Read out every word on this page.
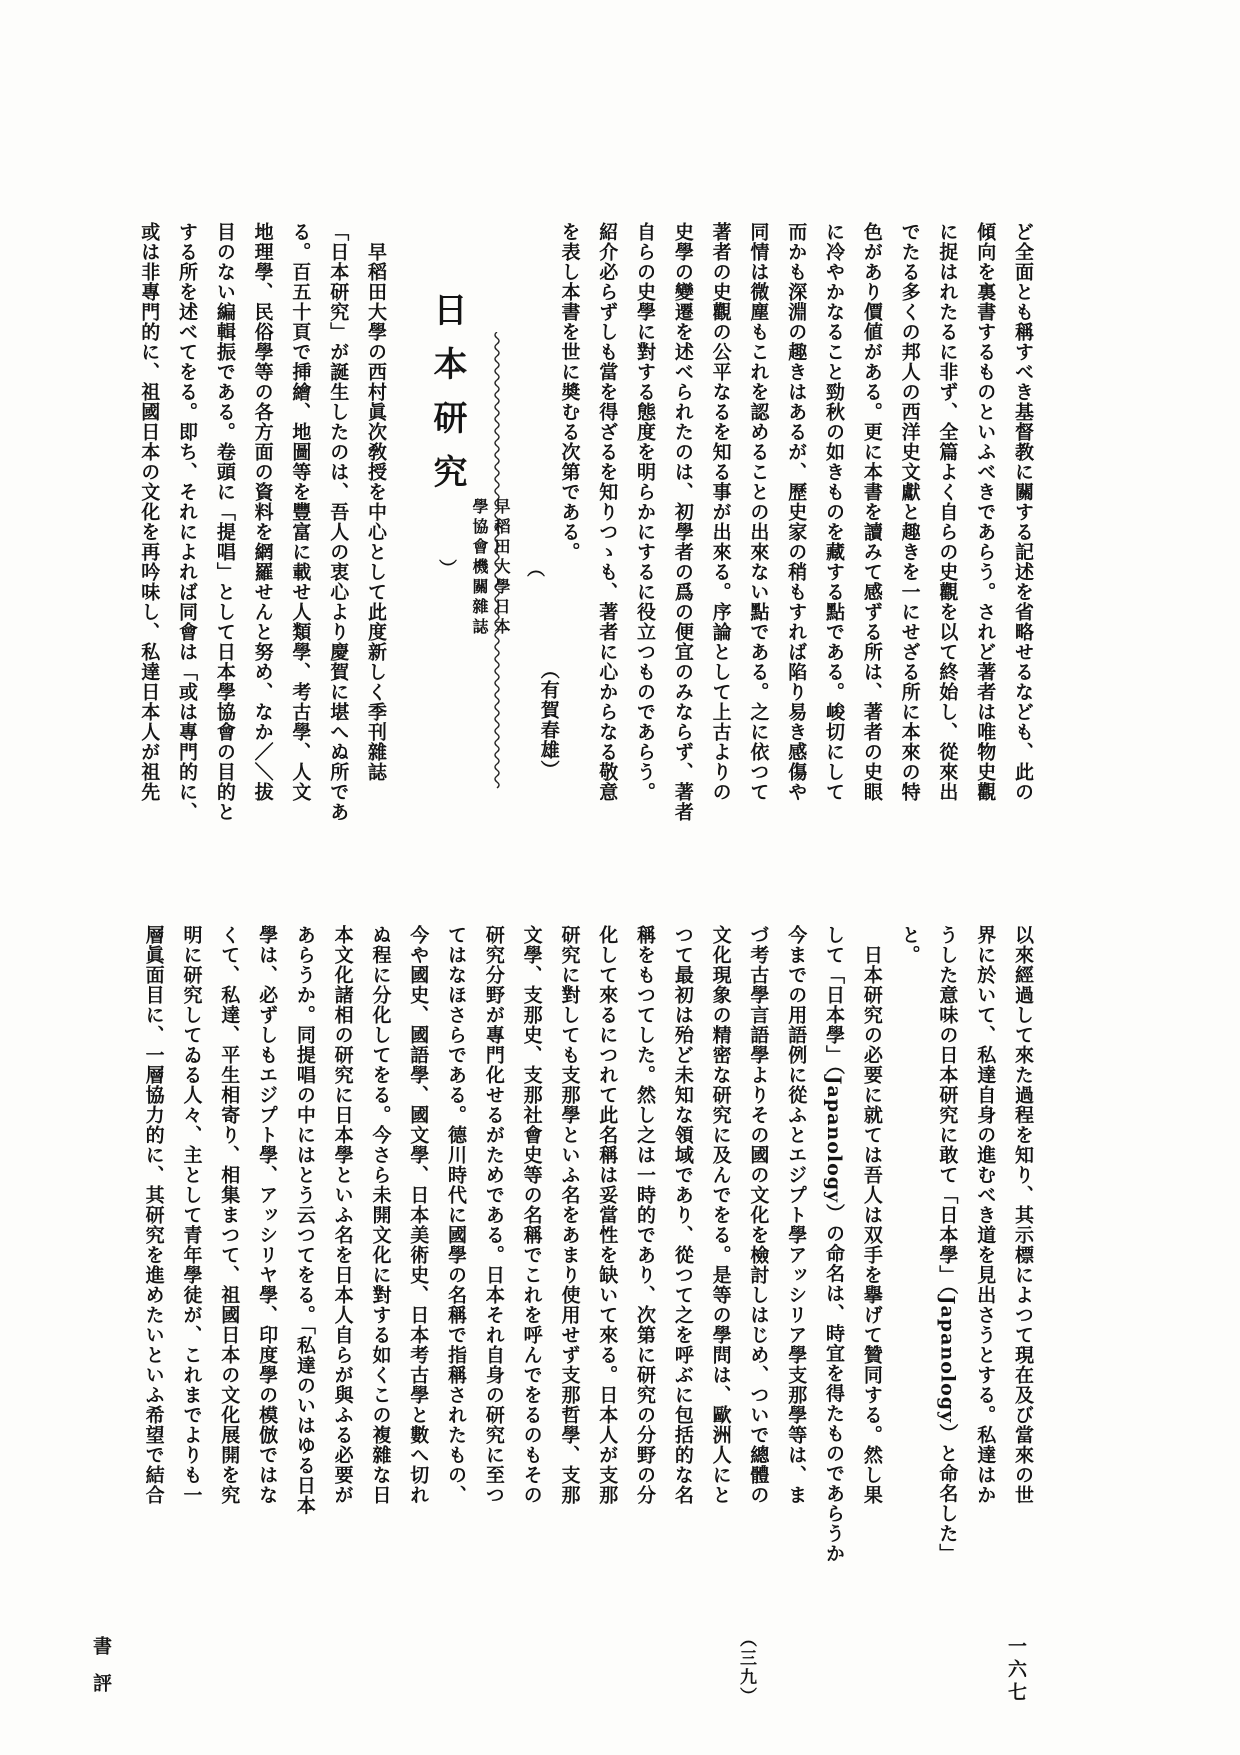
ど全面とも稱すべき基督教に關する記述を省略せるなども、此の
傾向を裏書するものといふべきであらう。されど著者は唯物史觀
に捉はれたるに非ず、全篇よく自らの史觀を以て終始し、從來出
でたる多くの邦人の西洋史文獻と趣きを一にせざる所に本來の特
色があり價値がある。更に本書を讀みて感ずる所は、著者の史眼
に冷やかなること勁秋の如きものを藏する點である。峻切にして
而かも深淵の趣きはあるが、歷史家の稍もすれば陷り易き感傷や
同情は微塵もこれを認めることの出來ない點である。之に依つて
著者の史觀の公平なるを知る事が出來る。序論として上古よりの
史學の變遷を述べられたのは、初學者の爲の便宜のみならず、著者
自らの史學に對する態度を明らかにするに役立つものであらう。
紹介必らずしも當を得ざるを知りつゝも、著者に心からなる敬意
を表し本書を世に奬むる次第である。
（有賀春雄）
日本研究
︵
早稻田大學日本
學協會機關雜誌
︶
　早稻田大學の西村眞次敎授を中心として此度新しく季刊雜誌
「日本研究」が誕生したのは、吾人の衷心より慶賀に堪へぬ所であ
る。百五十頁で挿繪、地圖等を豐富に載せ人類學、考古學、人文
地理學、民俗學等の各方面の資料を網羅せんと努め、なか／＼拔
目のない編輯振である。卷頭に「提唱」として日本學協會の目的と
する所を述べてをる。即ち、それによれば同會は「或は專門的に、
或は非專門的に、祖國日本の文化を再吟味し、私達日本人が祖先
以來經過して來た過程を知り、其示標によつて現在及び當來の世
界に於いて、私達自身の進むべき道を見出さうとする。私達はか
うした意味の日本研究に敢て「日本學」（Japanology）と命名した」
と。
　日本研究の必要に就ては吾人は双手を擧げて贊同する。然し果
して「日本學」（Japanology）の命名は、時宜を得たものであらうか
今までの用語例に從ふとエジプト學アッシリア學支那學等は、ま
づ考古學言語學よりその國の文化を檢討しはじめ、ついで總體の
文化現象の精密な研究に及んでをる。是等の學問は、歐洲人にと
つて最初は殆ど未知な領域であり、從つて之を呼ぶに包括的な名
稱をもつてした。然し之は一時的であり、次第に研究の分野の分
化して來るにつれて此名稱は妥當性を缺いて來る。日本人が支那
研究に對しても支那學といふ名をあまり使用せず支那哲學、支那
文學、支那史、支那社會史等の名稱でこれを呼んでをるのもその
研究分野が專門化せるがためである。日本それ自身の研究に至つ
てはなほさらである。德川時代に國學の名稱で指稱されたもの、
今や國史、國語學、國文學、日本美術史、日本考古學と數へ切れ
ぬ程に分化してをる。今さら未開文化に對する如くこの複雜な日
本文化諸相の研究に日本學といふ名を日本人自らが與ふる必要が
あらうか。同提唱の中にはとう云つてをる。「私達のいはゆる日本
學は、必ずしもエジプト學、アッシリヤ學、印度學の模倣ではな
くて、私達、平生相寄り、相集まつて、祖國日本の文化展開を究
明に研究してゐる人々、主として青年學徒が、これまでよりも一
層眞面目に、一層協力的に、其研究を進めたいといふ希望で結合
書評	（三九）	一六七
